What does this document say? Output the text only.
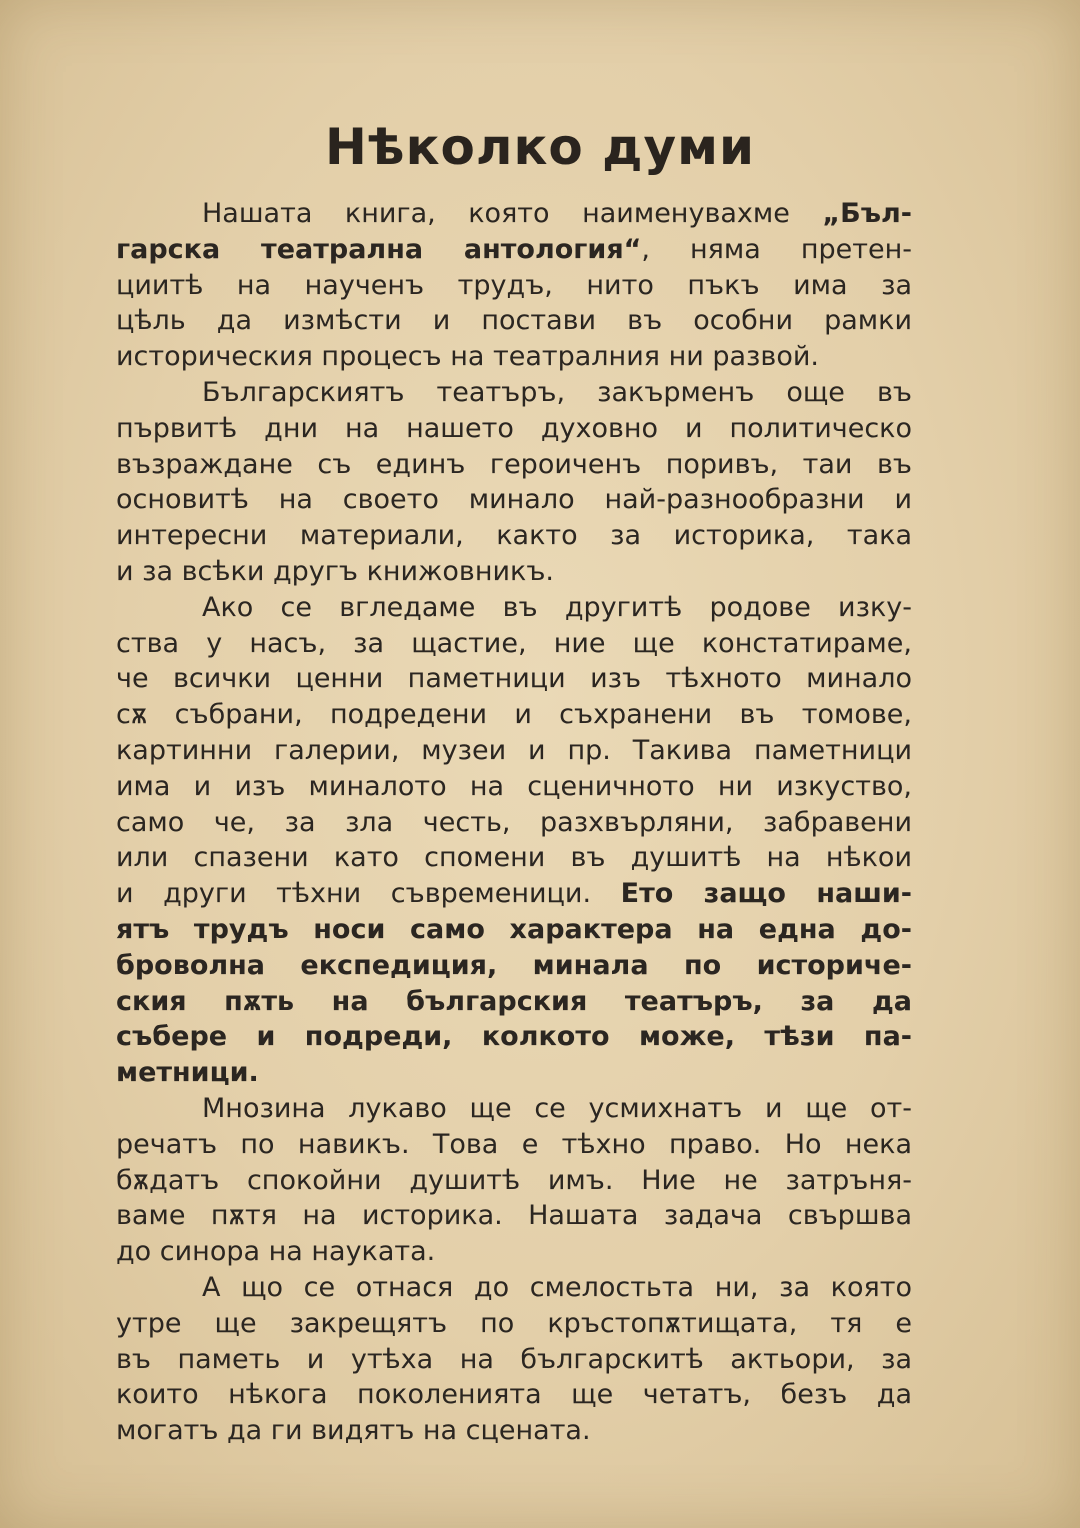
Нѣколко думи
Нашата книга, която наименувахме „Бъл-
гарска театрална антология“, няма претен-
циитѣ на наученъ трудъ, нито пъкъ има за
цѣль да измѣсти и постави въ особни рамки
историческия процесъ на театралния ни развой.
Българскиятъ театъръ, закърменъ още въ
първитѣ дни на нашето духовно и политическо
възраждане съ единъ героиченъ поривъ, таи въ
основитѣ на своето минало най-разнообразни и
интересни материали, както за историка, така
и за всѣки другъ книжовникъ.
Ако се вгледаме въ другитѣ родове изку-
ства у насъ, за щастие, ние ще констатираме,
че всички ценни паметници изъ тѣхното минало
сѫ събрани, подредени и съхранени въ томове,
картинни галерии, музеи и пр. Такива паметници
има и изъ миналото на сценичното ни изкуство,
само че, за зла честь, разхвърляни, забравени
или спазени като спомени въ душитѣ на нѣкои
и други тѣхни съвременици. Ето защо наши-
ятъ трудъ носи само характера на една до-
броволна експедиция, минала по историче-
ския пѫть на българския театъръ, за да
събере и подреди, колкото може, тѣзи па-
метници.
Мнозина лукаво ще се усмихнатъ и ще от-
речатъ по навикъ. Това е тѣхно право. Но нека
бѫдатъ спокойни душитѣ имъ. Ние не затръня-
ваме пѫтя на историка. Нашата задача свършва
до синора на науката.
А що се отнася до смелостьта ни, за която
утре ще закрещятъ по кръстопѫтищата, тя е
въ паметь и утѣха на българскитѣ актьори, за
които нѣкога поколенията ще четатъ, безъ да
могатъ да ги видятъ на сцената.
